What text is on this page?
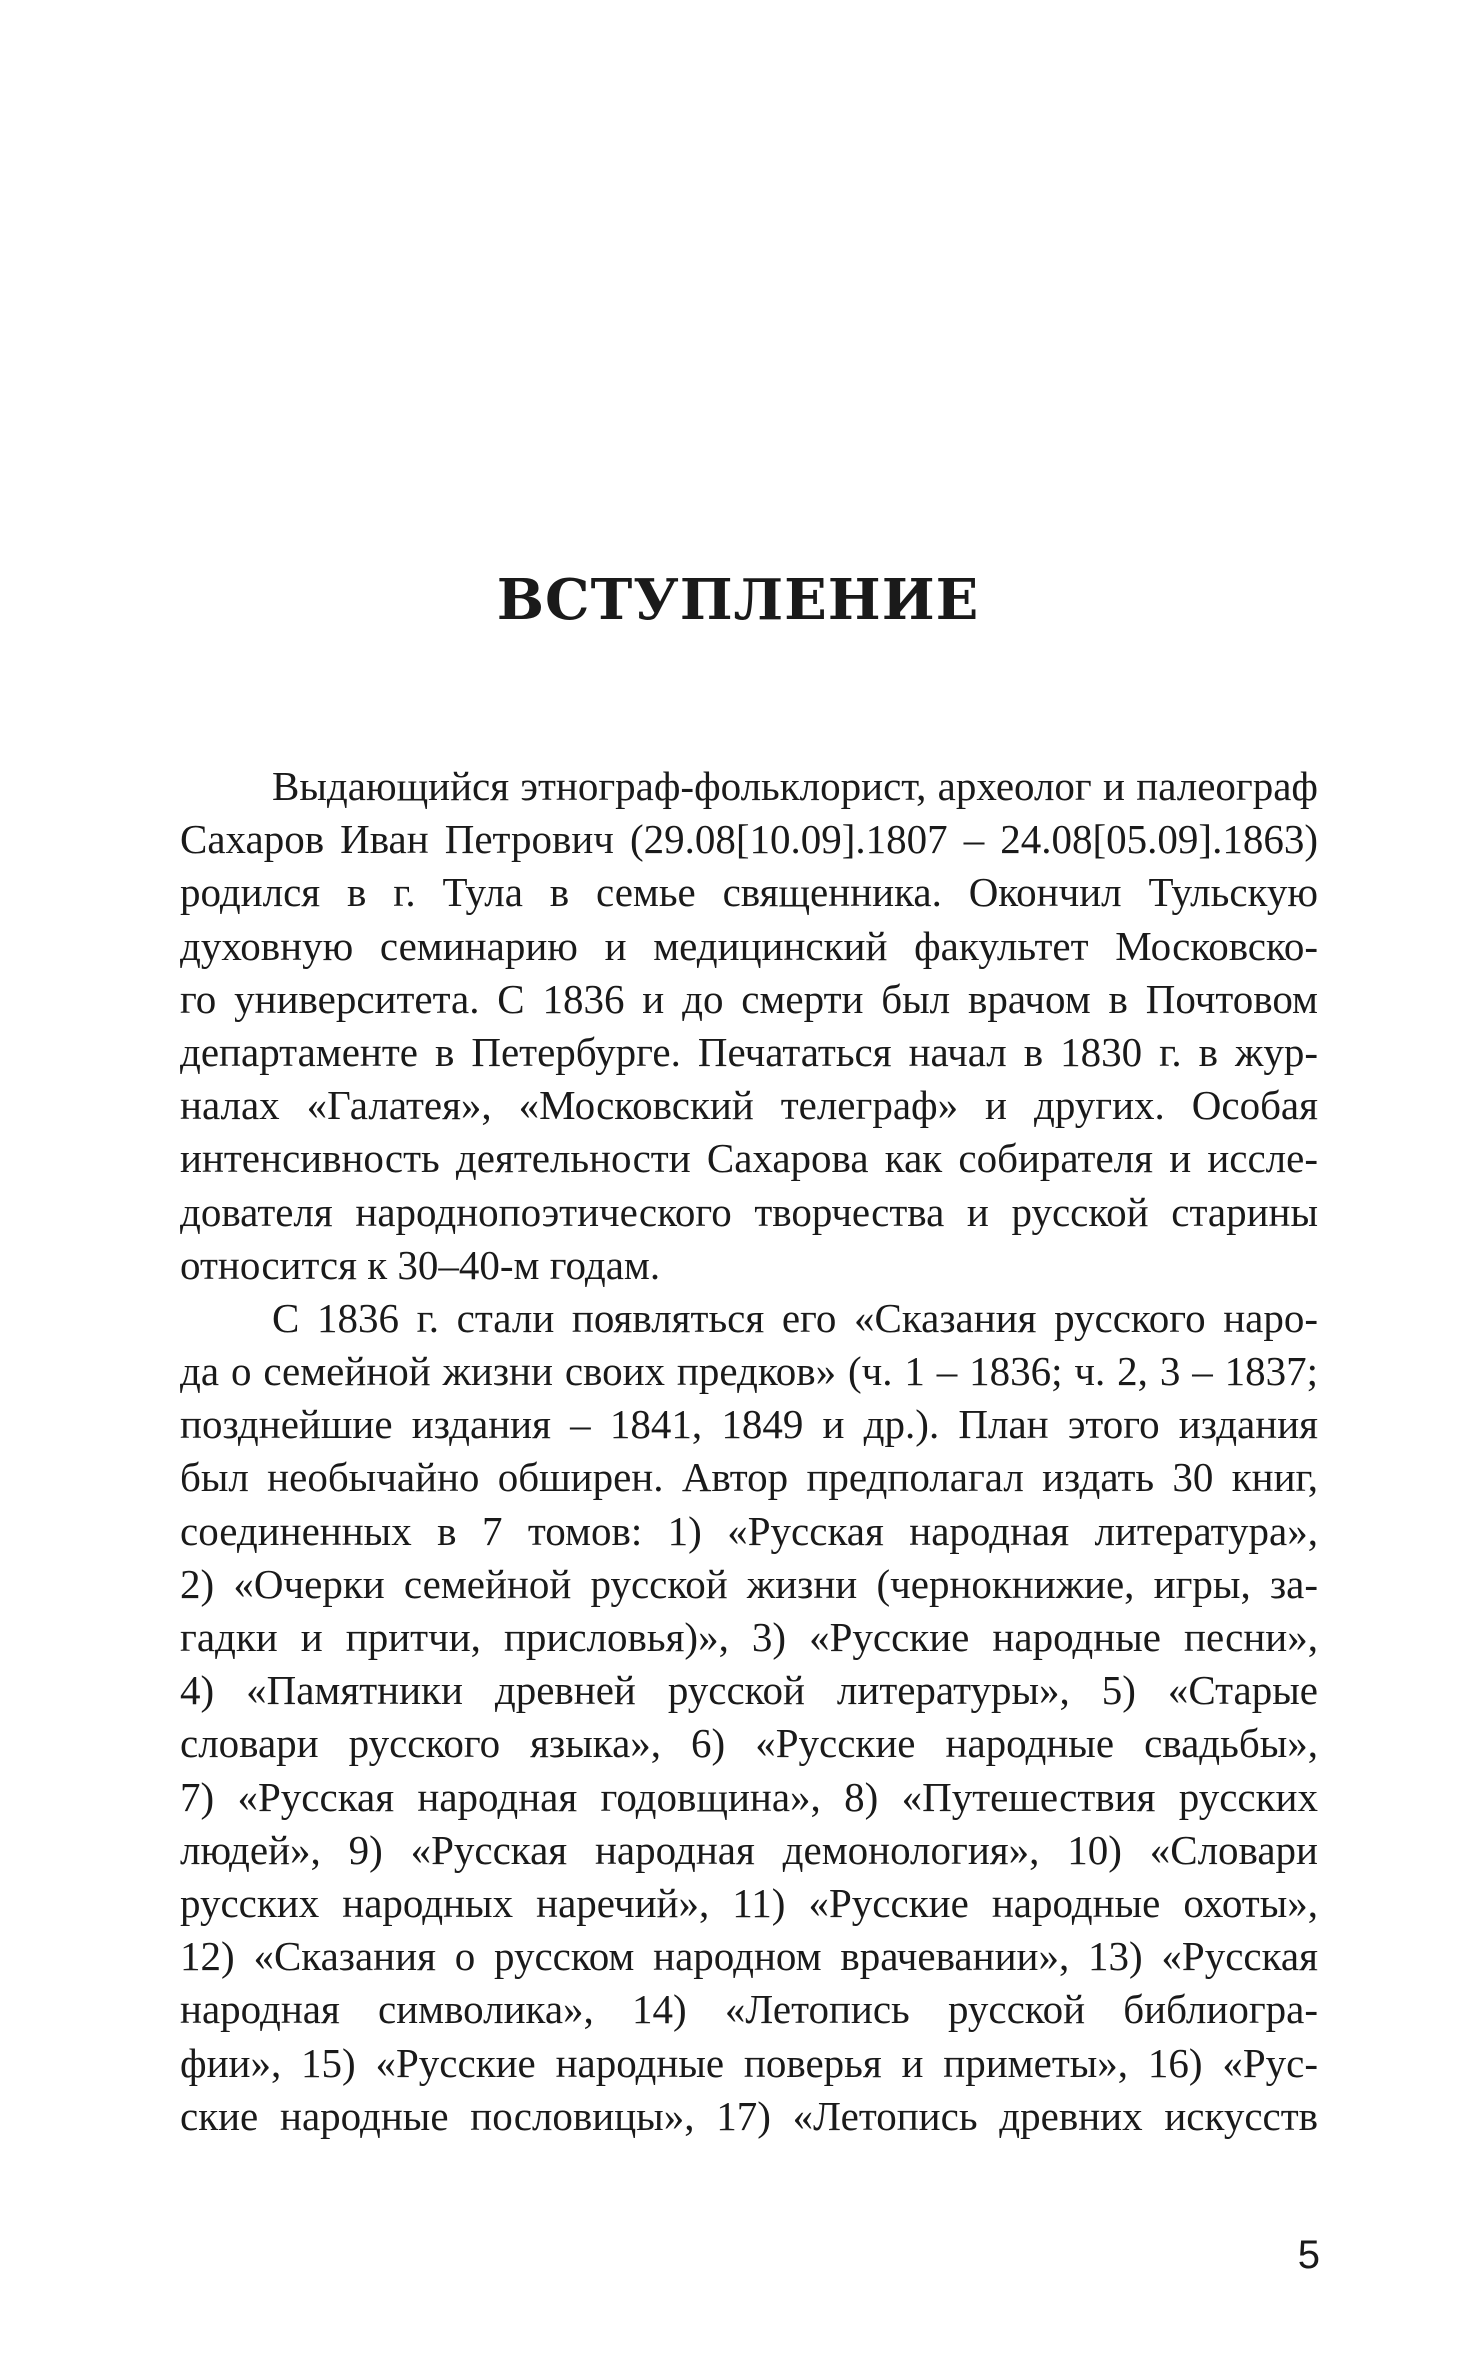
ВСТУПЛЕНИЕ
Выдающийся этнограф-фольклорист, археолог и палеограф
Сахаров Иван Петрович (29.08[10.09].1807 – 24.08[05.09].1863)
родился в г. Тула в семье священника. Окончил Тульскую
духовную семинарию и медицинский факультет Московско-
го университета. С 1836 и до смерти был врачом в Почтовом
департаменте в Петербурге. Печататься начал в 1830 г. в жур-
налах «Галатея», «Московский телеграф» и других. Особая
интенсивность деятельности Сахарова как собирателя и иссле-
дователя народнопоэтического творчества и русской старины
относится к 30–40-м годам.
С 1836 г. стали появляться его «Сказания русского наро-
да о семейной жизни своих предков» (ч. 1 – 1836; ч. 2, 3 – 1837;
позднейшие издания – 1841, 1849 и др.). План этого издания
был необычайно обширен. Автор предполагал издать 30 книг,
соединенных в 7 томов: 1) «Русская народная литература»,
2) «Очерки семейной русской жизни (чернокнижие, игры, за-
гадки и притчи, присловья)», 3) «Русские народные песни»,
4) «Памятники древней русской литературы», 5) «Старые
словари русского языка», 6) «Русские народные свадьбы»,
7) «Русская народная годовщина», 8) «Путешествия русских
людей», 9) «Русская народная демонология», 10) «Словари
русских народных наречий», 11) «Русские народные охоты»,
12) «Сказания о русском народном врачевании», 13) «Русская
народная символика», 14) «Летопись русской библиогра-
фии», 15) «Русские народные поверья и приметы», 16) «Рус-
ские народные пословицы», 17) «Летопись древних искусств
5
